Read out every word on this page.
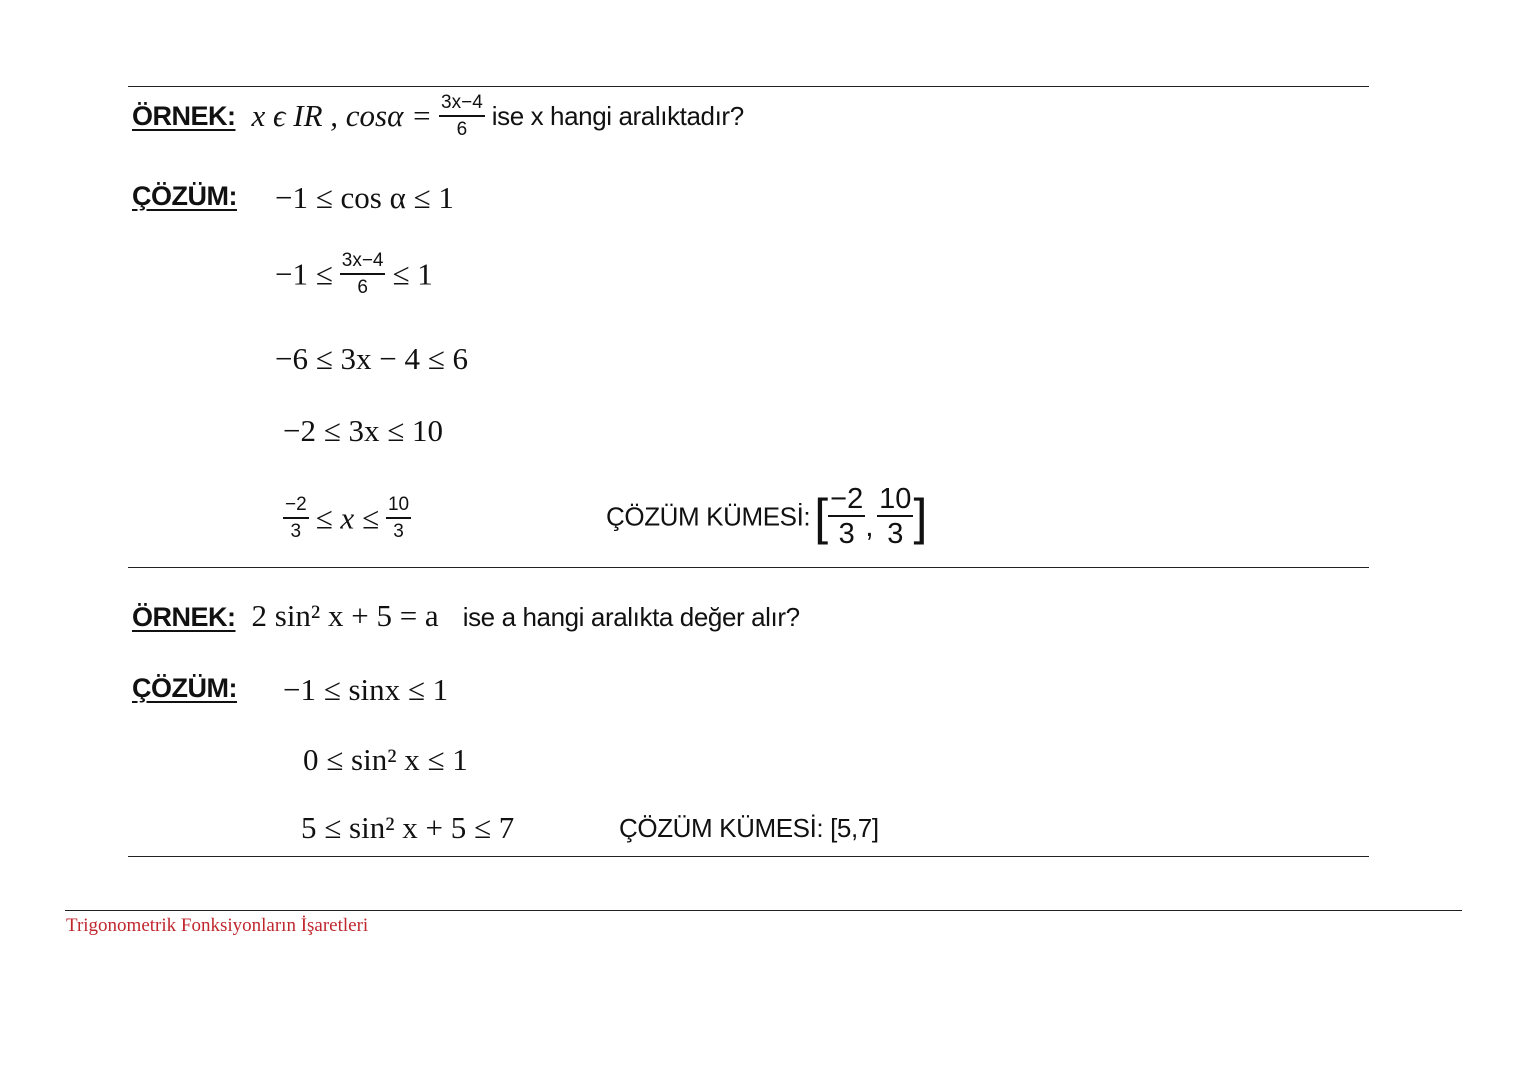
ÖRNEK: x ϵ IR , $\cos\alpha = \frac{3x-4}{6}$ ise x hangi aralıktadır?
ÇÖZÜM: −1 ≤ cos α ≤ 1
$-1 \le \frac{3x-4}{6} \le 1$
−6 ≤ 3x − 4 ≤ 6
−2 ≤ 3x ≤ 10
$\frac{-2}{3} \le x \le \frac{10}{3}$	ÇÖZÜM KÜMESİ: [ $\frac{-2}{3}$ , $\frac{10}{3}$ ]
ÖRNEK: 2 sin² x + 5 = a ise a hangi aralıkta değer alır?
ÇÖZÜM: −1 ≤ sinx ≤ 1
0 ≤ sin² x ≤ 1
5 ≤ sin² x + 5 ≤ 7	ÇÖZÜM KÜMESİ: [5,7]
Trigonometrik Fonksiyonların İşaretleri
